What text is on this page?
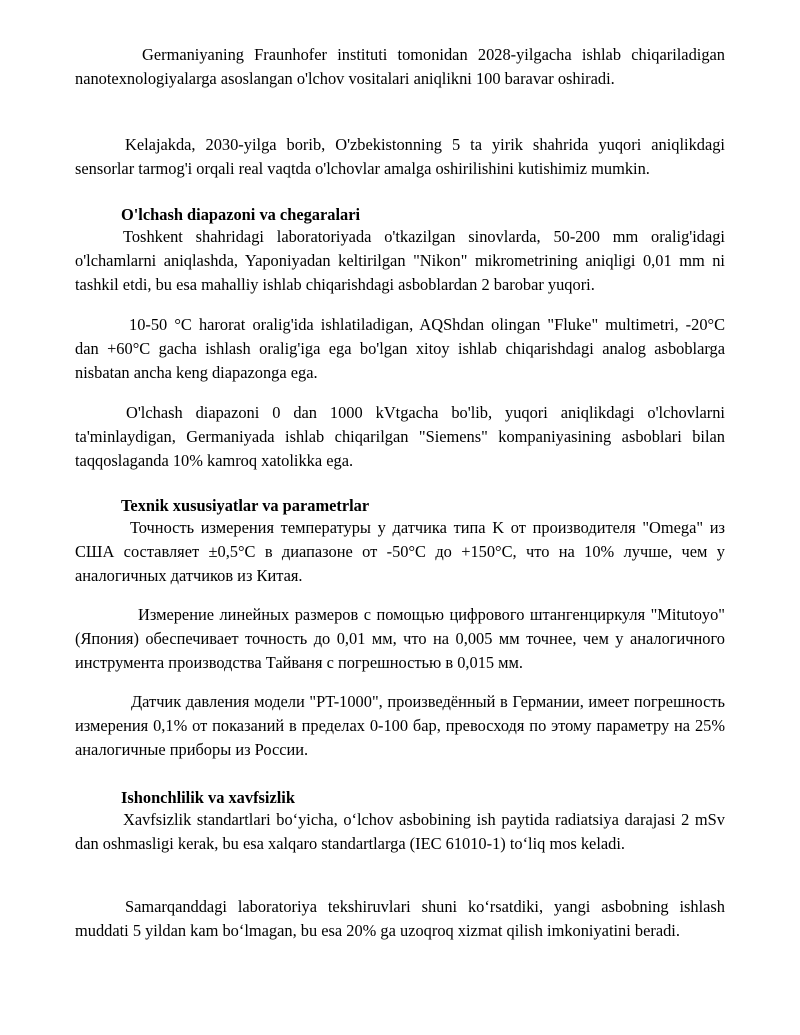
Germaniyaning Fraunhofer instituti tomonidan 2028-yilgacha ishlab chiqariladigan nanotexnologiyalarga asoslangan o'lchov vositalari aniqlikni 100 baravar oshiradi.

Kelajakda, 2030-yilga borib, O'zbekistonning 5 ta yirik shahrida yuqori aniqlikdagi sensorlar tarmog'i orqali real vaqtda o'lchovlar amalga oshirilishini kutishimiz mumkin.

O'lchash diapazoni va chegaralari

Toshkent shahridagi laboratoriyada o'tkazilgan sinovlarda, 50-200 mm oralig'idagi o'lchamlarni aniqlashda, Yaponiyadan keltirilgan "Nikon" mikrometrining aniqligi 0,01 mm ni tashkil etdi, bu esa mahalliy ishlab chiqarishdagi asboblardan 2 barobar yuqori.

10-50 °C harorat oralig'ida ishlatiladigan, AQShdan olingan "Fluke" multimetri, -20°C dan +60°C gacha ishlash oralig'iga ega bo'lgan xitoy ishlab chiqarishdagi analog asboblarga nisbatan ancha keng diapazonga ega.

O'lchash diapazoni 0 dan 1000 kVtgacha bo'lib, yuqori aniqlikdagi o'lchovlarni ta'minlaydigan, Germaniyada ishlab chiqarilgan "Siemens" kompaniyasining asboblari bilan taqqoslaganda 10% kamroq xatolikka ega.

Texnik xususiyatlar va parametrlar

Точность измерения температуры у датчика типа K от производителя "Omega" из США составляет ±0,5°C в диапазоне от -50°C до +150°C, что на 10% лучше, чем у аналогичных датчиков из Китая.

Измерение линейных размеров с помощью цифрового штангенциркуля "Mitutoyo" (Япония) обеспечивает точность до 0,01 мм, что на 0,005 мм точнее, чем у аналогичного инструмента производства Тайваня с погрешностью в 0,015 мм.

Датчик давления модели "PT-1000", произведённый в Германии, имеет погрешность измерения 0,1% от показаний в пределах 0-100 бар, превосходя по этому параметру на 25% аналогичные приборы из России.

Ishonchlilik va xavfsizlik

Xavfsizlik standartlari bo‘yicha, o‘lchov asbobining ish paytida radiatsiya darajasi 2 mSv dan oshmasligi kerak, bu esa xalqaro standartlarga (IEC 61010-1) to‘liq mos keladi.

Samarqanddagi laboratoriya tekshiruvlari shuni ko‘rsatdiki, yangi asbobning ishlash muddati 5 yildan kam bo‘lmagan, bu esa 20% ga uzoqroq xizmat qilish imkoniyatini beradi.
